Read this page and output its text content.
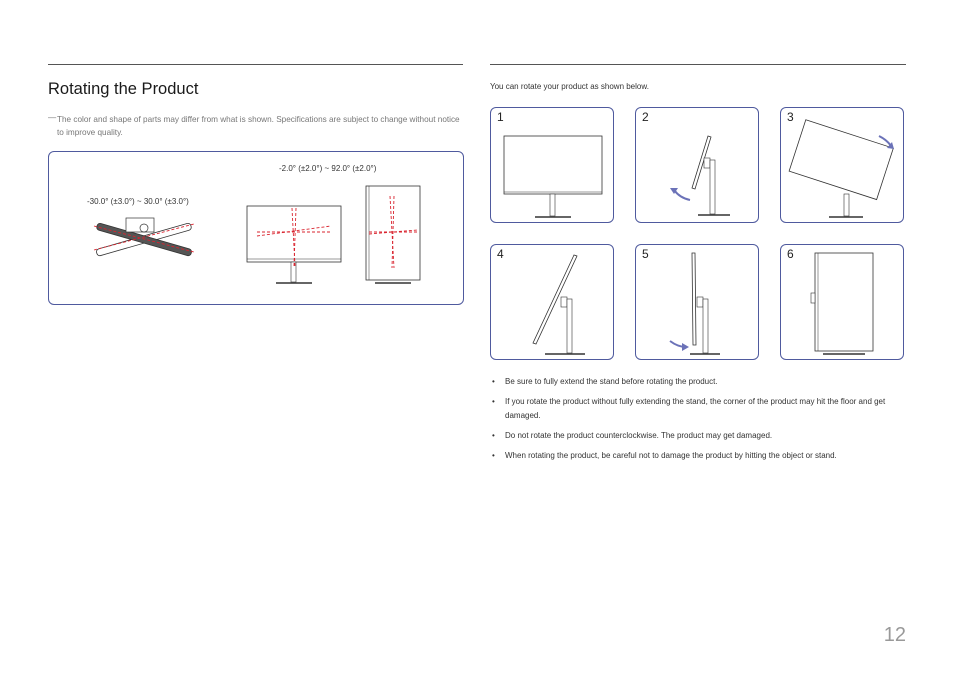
Rotating the Product
― The color and shape of parts may differ from what is shown. Specifications are subject to change without notice to improve quality.
-30.0° (±3.0°) ~ 30.0° (±3.0°)
-2.0° (±2.0°) ~ 92.0° (±2.0°)
You can rotate your product as shown below.
1	2	3
4	5	6
• Be sure to fully extend the stand before rotating the product.
• If you rotate the product without fully extending the stand, the corner of the product may hit the floor and get damaged.
• Do not rotate the product counterclockwise. The product may get damaged.
• When rotating the product, be careful not to damage the product by hitting the object or stand.
12
